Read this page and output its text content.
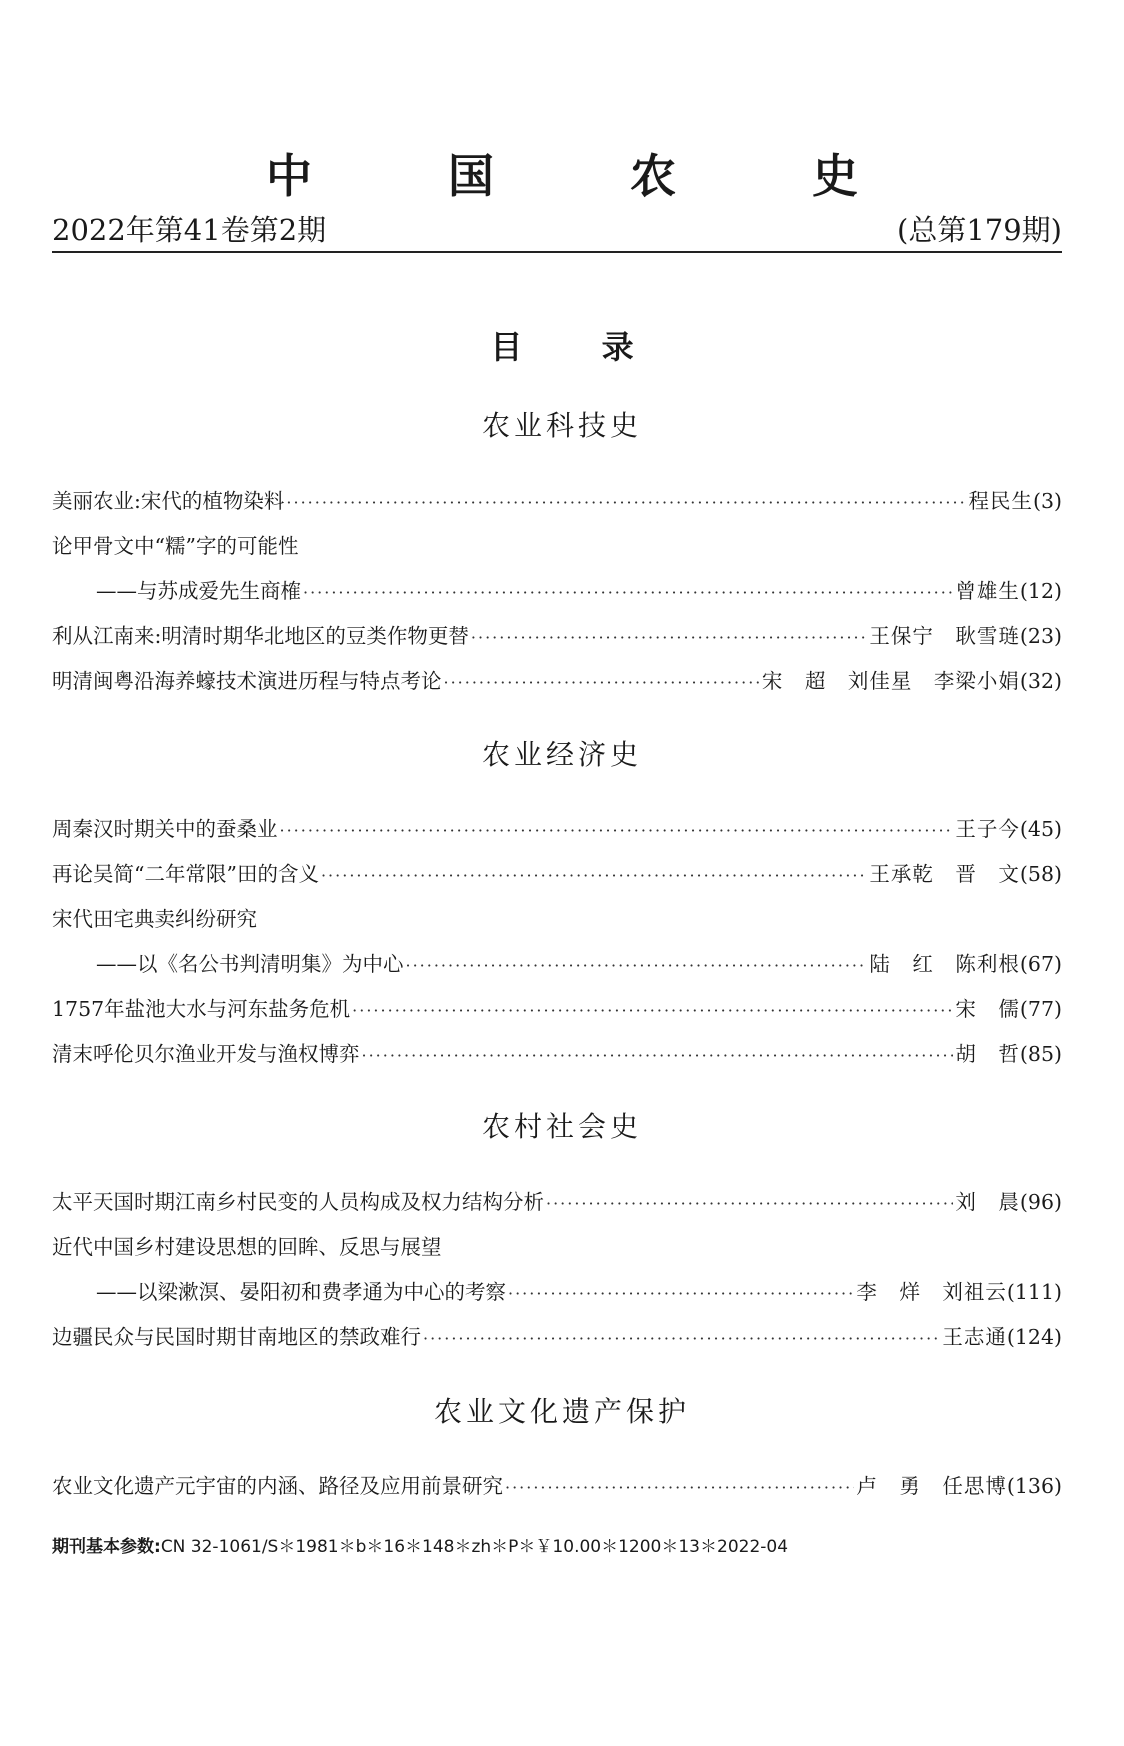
中 国 农 史
2022年第41卷第2期	(总第179期)
目 录
农业科技史
美丽农业:宋代的植物染料 ·····	程民生 (3)
论甲骨文中“糯”字的可能性
——与苏成爱先生商榷 ·····	曾雄生 (12)
利从江南来:明清时期华北地区的豆类作物更替 ·····	王保宁　耿雪琏 (23)
明清闽粤沿海养蠔技术演进历程与特点考论 ·····	宋　超　刘佳星　李梁小娟 (32)
农业经济史
周秦汉时期关中的蚕桑业 ·····	王子今 (45)
再论吴简“二年常限”田的含义 ·····	王承乾　晋　文 (58)
宋代田宅典卖纠纷研究
——以《名公书判清明集》为中心 ·····	陆　红　陈利根 (67)
1757年盐池大水与河东盐务危机 ·····	宋　儒 (77)
清末呼伦贝尔渔业开发与渔权博弈 ·····	胡　哲 (85)
农村社会史
太平天国时期江南乡村民变的人员构成及权力结构分析 ·····	刘　晨 (96)
近代中国乡村建设思想的回眸、反思与展望
——以梁漱溟、晏阳初和费孝通为中心的考察 ·····	李　烊　刘祖云 (111)
边疆民众与民国时期甘南地区的禁政难行 ·····	王志通 (124)
农业文化遗产保护
农业文化遗产元宇宙的内涵、路径及应用前景研究 ·····	卢　勇　任思博 (136)
期刊基本参数:CN 32-1061/S＊1981＊b＊16＊148＊zh＊P＊￥10.00＊1200＊13＊2022-04
